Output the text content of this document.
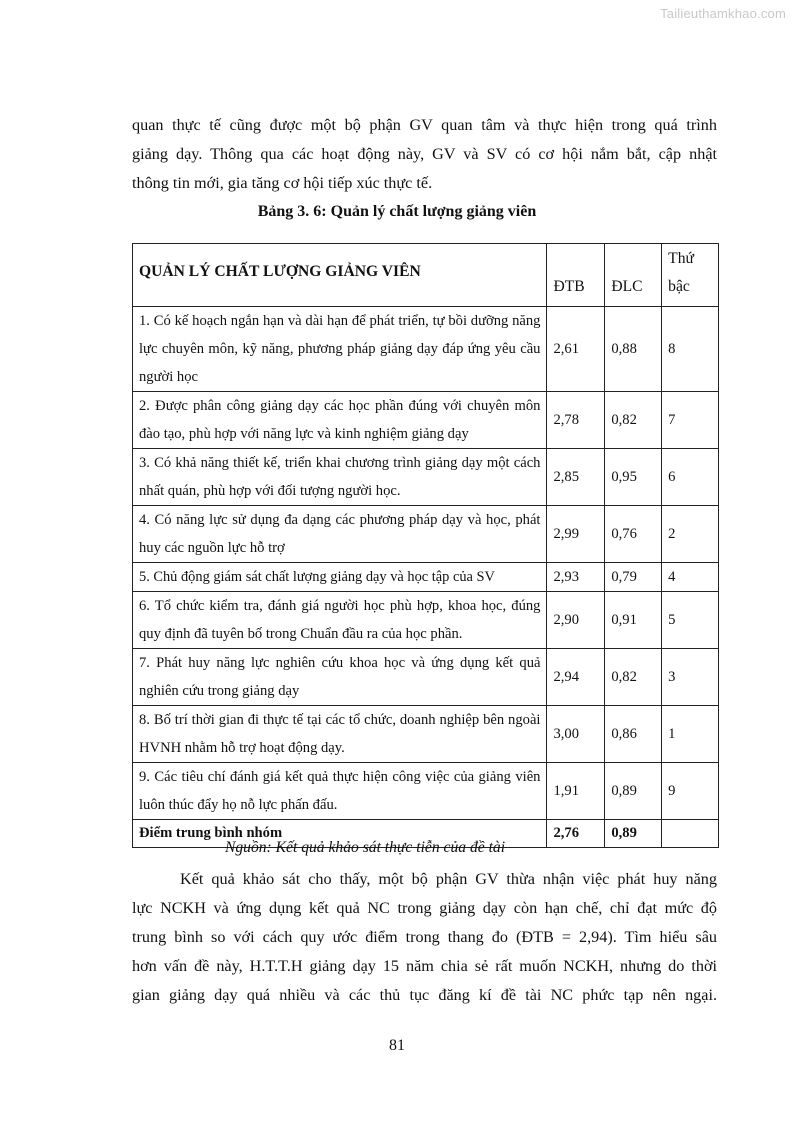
Tailieuthamkhao.com
quan thực tế cũng được một bộ phận GV quan tâm và thực hiện trong quá trình
giảng dạy. Thông qua các hoạt động này, GV và SV có cơ hội nắm bắt, cập nhật
thông tin mới, gia tăng cơ hội tiếp xúc thực tế.

Bảng 3. 6: Quản lý chất lượng giảng viên

QUẢN LÝ CHẤT LƯỢNG GIẢNG VIÊN	ĐTB	ĐLC	Thứ bậc
1. Có kế hoạch ngắn hạn và dài hạn để phát triển, tự bồi dưỡng năng lực chuyên môn, kỹ năng, phương pháp giảng dạy đáp ứng yêu cầu người học	2,61	0,88	8
2. Được phân công giảng dạy các học phần đúng với chuyên môn đào tạo, phù hợp với năng lực và kinh nghiệm giảng dạy	2,78	0,82	7
3. Có khả năng thiết kế, triển khai chương trình giảng dạy một cách nhất quán, phù hợp với đối tượng người học.	2,85	0,95	6
4. Có năng lực sử dụng đa dạng các phương pháp dạy và học, phát huy các nguồn lực hỗ trợ	2,99	0,76	2
5. Chủ động giám sát chất lượng giảng dạy và học tập của SV	2,93	0,79	4
6. Tổ chức kiểm tra, đánh giá người học phù hợp, khoa học, đúng quy định đã tuyên bố trong Chuẩn đầu ra của học phần.	2,90	0,91	5
7. Phát huy năng lực nghiên cứu khoa học và ứng dụng kết quả nghiên cứu trong giảng dạy	2,94	0,82	3
8. Bố trí thời gian đi thực tế tại các tổ chức, doanh nghiệp bên ngoài HVNH nhằm hỗ trợ hoạt động dạy.	3,00	0,86	1
9. Các tiêu chí đánh giá kết quả thực hiện công việc của giảng viên luôn thúc đẩy họ nỗ lực phấn đấu.	1,91	0,89	9
Điểm trung bình nhóm	2,76	0,89	

Nguồn: Kết quả khảo sát thực tiễn của đề tài

Kết quả khảo sát cho thấy, một bộ phận GV thừa nhận việc phát huy năng
lực NCKH và ứng dụng kết quả NC trong giảng dạy còn hạn chế, chỉ đạt mức độ
trung bình so với cách quy ước điểm trong thang đo (ĐTB = 2,94). Tìm hiểu sâu
hơn vấn đề này, H.T.T.H giảng dạy 15 năm chia sẻ rất muốn NCKH, nhưng do thời
gian giảng dạy quá nhiều và các thủ tục đăng kí đề tài NC phức tạp nên ngại.

81
